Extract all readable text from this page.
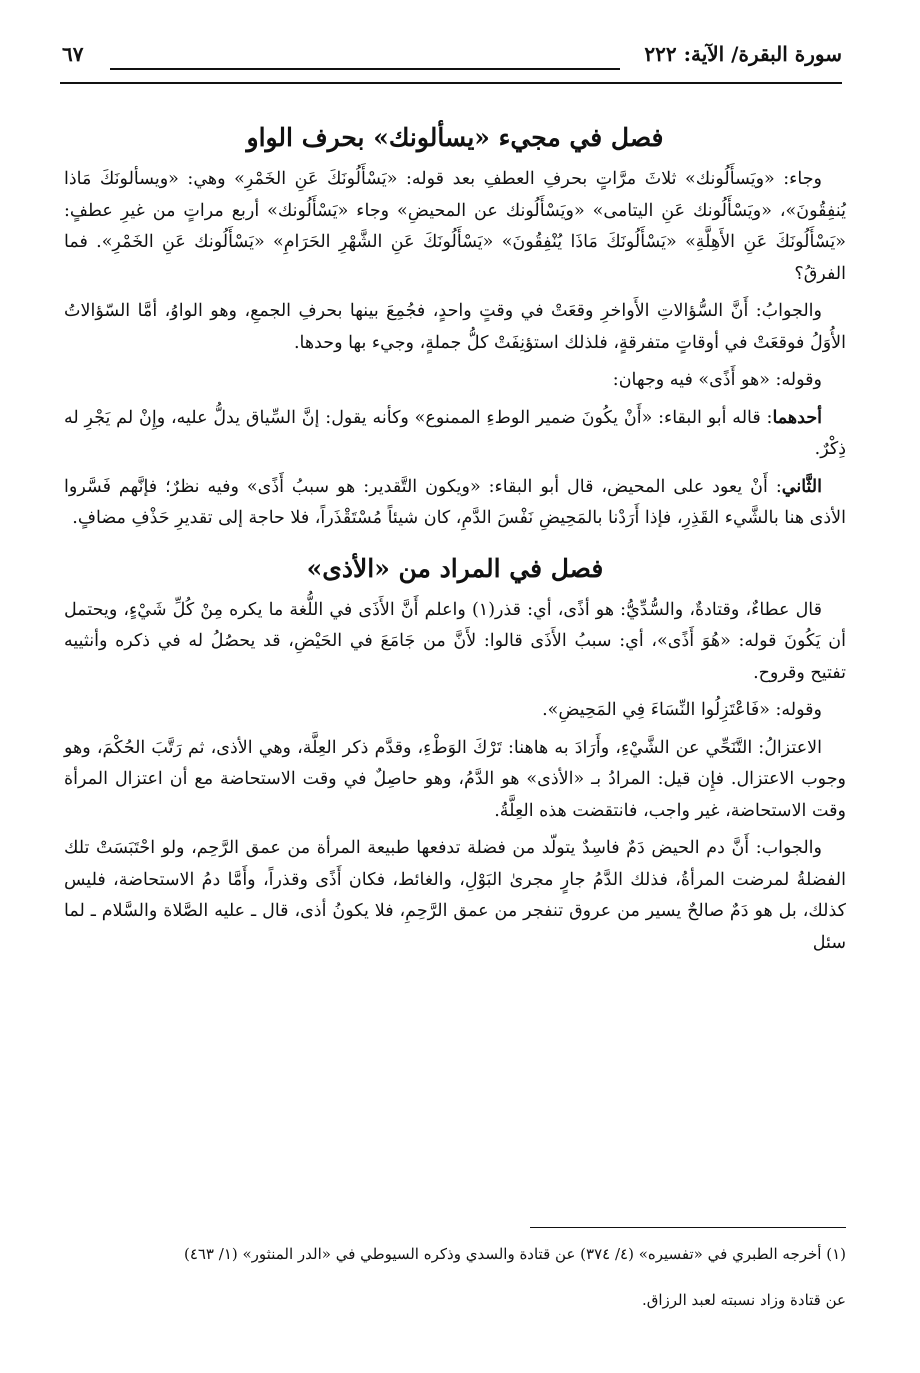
سورة البقرة/ الآية: ٢٢٢
٦٧
فصل في مجيء «يسألونك» بحرف الواو

وجاء: «ويَسأَلُونك» ثلاثَ مرَّاتٍ بحرفِ العطفِ بعد قوله: «يَسْأَلُونَكَ عَنِ الخَمْرِ» وهي: «ويسألونَكَ مَاذا يُنفِقُونَ»، «ويَسْأَلُونك عَنِ اليتامى» «ويَسْأَلُونك عن المحيضِ» وجاء «يَسْأَلُونك» أربع مراتٍ من غيرِ عطفٍ: «يَسْأَلُونَكَ عَنِ الأَهِلَّةِ» «يَسْأَلُونَكَ مَاذَا يُنْفِقُونَ» «يَسْأَلُونَكَ عَنِ الشَّهْرِ الحَرَامِ» «يَسْأَلُونك عَنِ الخَمْرِ». فما الفرقُ؟

والجوابُ: أَنَّ السُّؤالاتِ الأَواخرِ وقعَتْ في وقتٍ واحدٍ، فجُمِعَ بينها بحرفِ الجمعِ، وهو الواوُ، أمَّا السّؤالاتُ الأُوَلُ فوقعَتْ في أوقاتٍ متفرقةٍ، فلذلك استؤنِفَتْ كلُّ جملةٍ، وجيء بها وحدها.

وقوله: «هو أَذًى» فيه وجهان:

أحدهما: قاله أبو البقاء: «أَنْ يكُونَ ضمير الوطءِ الممنوع» وكأنه يقول: إنَّ السِّياق يدلُّ عليه، وإِنْ لم يَجْرِ له ذِكْرٌ.

الثَّاني: أَنْ يعود على المحيض، قال أبو البقاء: «ويكون التَّقدير: هو سببُ أَذًى» وفيه نظرٌ؛ فإنَّهم فَسَّروا الأذى هنا بالشَّيء القَذِرِ، فإذا أَرَدْنا بالمَحِيضِ نَفْسَ الدَّمِ، كان شيئاً مُسْتَقْذَراً، فلا حاجة إلى تقديرِ حَذْفِ مضافٍ.

فصل في المراد من «الأذى»

قال عطاءٌ، وقتادةٌ، والسُّدِّيُّ: هو أذًى، أي: قذر(١) واعلم أَنَّ الأَذَى في اللُّغة ما يكره مِنْ كُلِّ شَيْءٍ، ويحتمل أن يَكُونَ قوله: «هُوَ أَذًى»، أي: سببُ الأَذَى قالوا: لأَنَّ من جَامَعَ في الحَيْضِ، قد يحصُلُ له في ذكره وأنثييه تفتيح وقروح.

وقوله: «فَاعْتَزِلُوا النِّسَاءَ فِي المَحِيضِ».

الاعتزالُ: التَّنَحِّي عن الشَّيْءِ، وأَرَادَ به هاهنا: تَرْكَ الوَطْءِ، وقدَّم ذكر العِلَّة، وهي الأذى، ثم رَتَّبَ الحُكْمَ، وهو وجوب الاعتزال. فإِن قيل: المرادُ بـ «الأذى» هو الدَّمُ، وهو حاصِلٌ في وقت الاستحاضة مع أن اعتزال المرأة وقت الاستحاضة، غير واجب، فانتقضت هذه العِلَّةُ.

والجواب: أَنَّ دم الحيض دَمٌ فاسِدٌ يتولّد من فضلة تدفعها طبيعة المرأة من عمق الرَّحِم، ولو احْتَبَسَتْ تلك الفضلةُ لمرضت المرأةُ، فذلك الدَّمُ جارٍ مجرىٰ البَوْلِ، والغائط، فكان أَذًى وقذراً، وأَمَّا دمُ الاستحاضة، فليس كذلك، بل هو دَمٌ صالحٌ يسير من عروق تنفجر من عمق الرَّحِمِ، فلا يكونُ أذى، قال ـ عليه الصَّلاة والسَّلام ـ لما سئل

(١) أخرجه الطبري في «تفسيره» (٤/ ٣٧٤) عن قتادة والسدي وذكره السيوطي في «الدر المنثور» (١/ ٤٦٣)

عن قتادة وزاد نسبته لعبد الرزاق.
